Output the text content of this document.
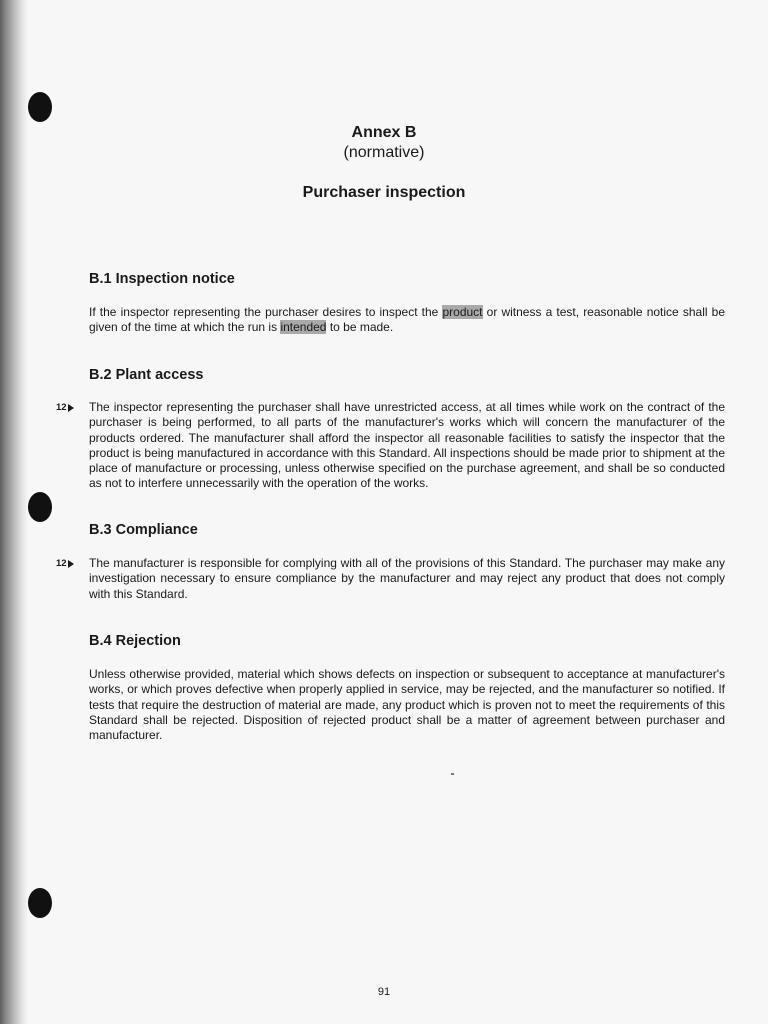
Annex B
(normative)
Purchaser inspection
B.1 Inspection notice

If the inspector representing the purchaser desires to inspect the product or witness a test, reasonable notice shall be given of the time at which the run is intended to be made.

B.2 Plant access
12 The inspector representing the purchaser shall have unrestricted access, at all times while work on the contract of the purchaser is being performed, to all parts of the manufacturer's works which will concern the manufacturer of the products ordered. The manufacturer shall afford the inspector all reasonable facilities to satisfy the inspector that the product is being manufactured in accordance with this Standard. All inspections should be made prior to shipment at the place of manufacture or processing, unless otherwise specified on the purchase agreement, and shall be so conducted as not to interfere unnecessarily with the operation of the works.

B.3 Compliance
12 The manufacturer is responsible for complying with all of the provisions of this Standard. The purchaser may make any investigation necessary to ensure compliance by the manufacturer and may reject any product that does not comply with this Standard.

B.4 Rejection

Unless otherwise provided, material which shows defects on inspection or subsequent to acceptance at manufacturer's works, or which proves defective when properly applied in service, may be rejected, and the manufacturer so notified. If tests that require the destruction of material are made, any product which is proven not to meet the requirements of this Standard shall be rejected. Disposition of rejected product shall be a matter of agreement between purchaser and manufacturer.

91
